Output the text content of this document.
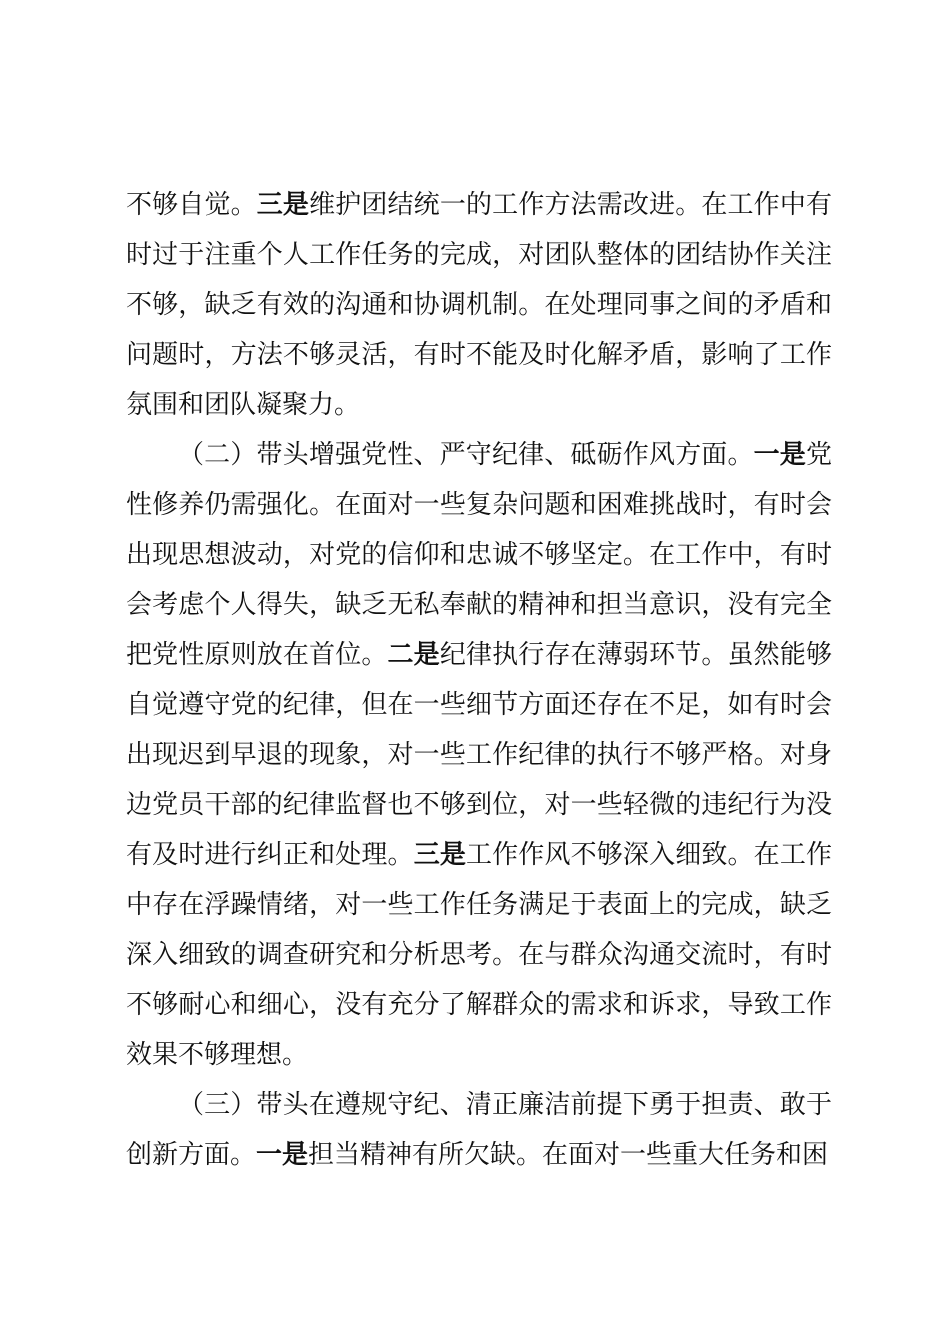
不够自觉。三是维护团结统一的工作方法需改进。在工作中有时过于注重个人工作任务的完成，对团队整体的团结协作关注不够，缺乏有效的沟通和协调机制。在处理同事之间的矛盾和问题时，方法不够灵活，有时不能及时化解矛盾，影响了工作氛围和团队凝聚力。

（二）带头增强党性、严守纪律、砥砺作风方面。一是党性修养仍需强化。在面对一些复杂问题和困难挑战时，有时会出现思想波动，对党的信仰和忠诚不够坚定。在工作中，有时会考虑个人得失，缺乏无私奉献的精神和担当意识，没有完全把党性原则放在首位。二是纪律执行存在薄弱环节。虽然能够自觉遵守党的纪律，但在一些细节方面还存在不足，如有时会出现迟到早退的现象，对一些工作纪律的执行不够严格。对身边党员干部的纪律监督也不够到位，对一些轻微的违纪行为没有及时进行纠正和处理。三是工作作风不够深入细致。在工作中存在浮躁情绪，对一些工作任务满足于表面上的完成，缺乏深入细致的调查研究和分析思考。在与群众沟通交流时，有时不够耐心和细心，没有充分了解群众的需求和诉求，导致工作效果不够理想。

（三）带头在遵规守纪、清正廉洁前提下勇于担责、敢于创新方面。一是担当精神有所欠缺。在面对一些重大任务和困
